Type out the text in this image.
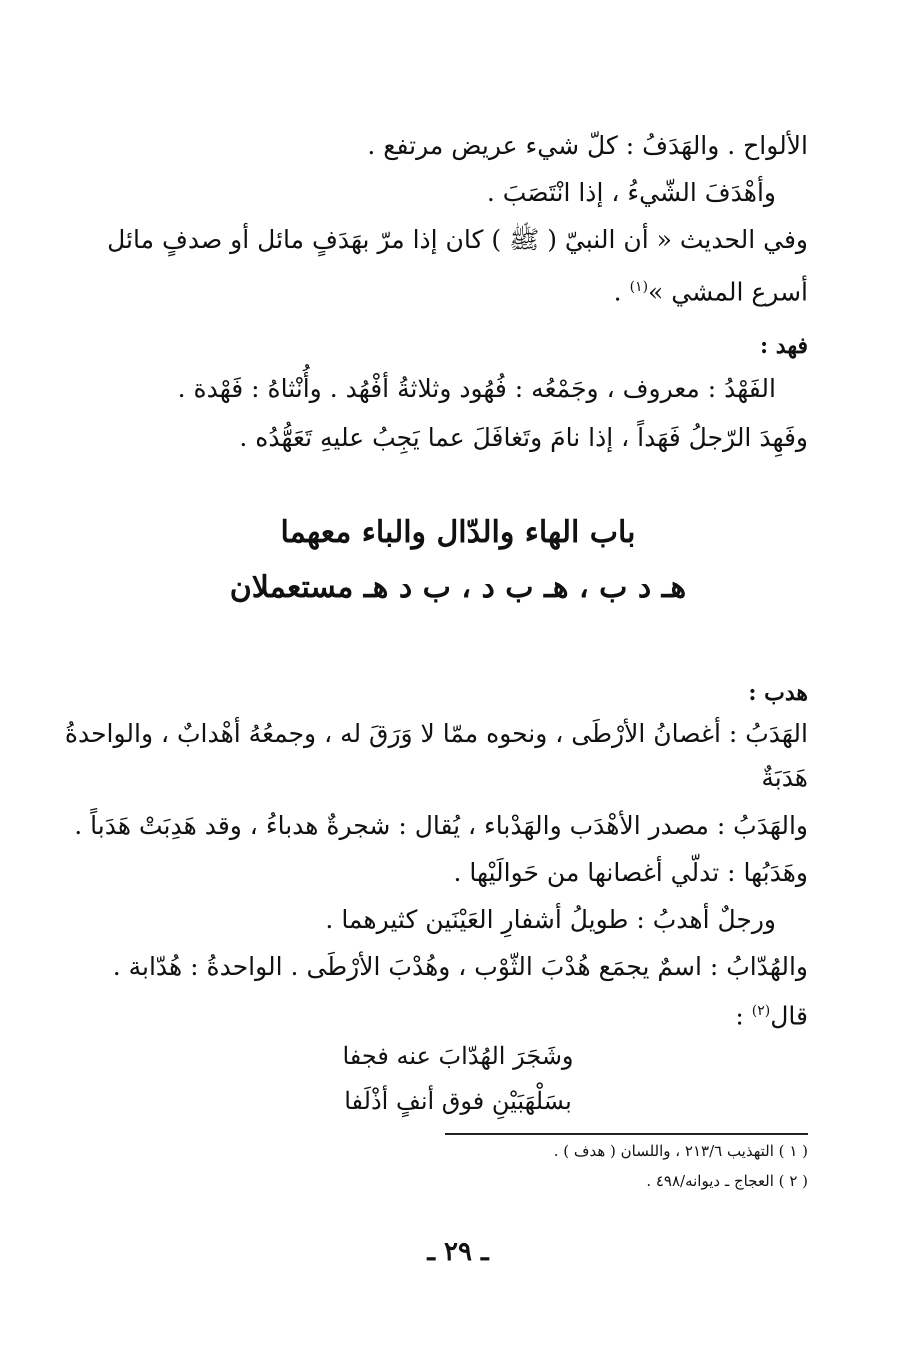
الألواح . والهَدَفُ : كلّ شيء عريض مرتفع .
وأهْدَفَ الشّيءُ ، إذا انْتَصَبَ .
وفي الحديث « أن النبيّ ( ﷺ ) كان إذا مرّ بهَدَفٍ مائل أو صدفٍ مائل
أسرع المشي »$^{(١)}$ .
فهد :
الفَهْدُ : معروف ، وجَمْعُه : فُهُود وثلاثةُ أفْهُد . وأُنْثاهُ : فَهْدة .
وفَهِدَ الرّجلُ فَهَداً ، إذا نامَ وتَغافَلَ عما يَجِبُ عليهِ تَعَهُّدُه .
باب الهاء والدّال والباء معهما
هـ د ب ، هـ ب د ، ب د هـ مستعملان
هدب :
الهَدَبُ : أغصانُ الأرْطَى ، ونحوه ممّا لا وَرَقَ له ، وجمعُهُ أهْدابٌ ، والواحدةُ
هَدَبَةٌ
والهَدَبُ : مصدر الأهْدَب والهَدْباء ، يُقال : شجرةٌ هدباءُ ، وقد هَدِبَتْ هَدَباً .
وهَدَبُها : تدلّي أغصانها من حَوالَيْها .
ورجلٌ أهدبُ : طويلُ أشفارِ العَيْنَين كثيرهما .
والهُدّابُ : اسمٌ يجمَع هُدْبَ الثّوْب ، وهُدْبَ الأرْطَى . الواحدةُ : هُدّابة .
قال$^{(٢)}$ :
وشَجَرَ الهُدّابَ عنه فجفا
بسَلْهَبَيْنِ فوق أنفٍ أذْلَفا
( ١ ) التهذيب ٢١٣/٦ ، واللسان ( هدف ) .
( ٢ ) العجاج ـ ديوانه/٤٩٨ .
ـ ٢٩ ـ
